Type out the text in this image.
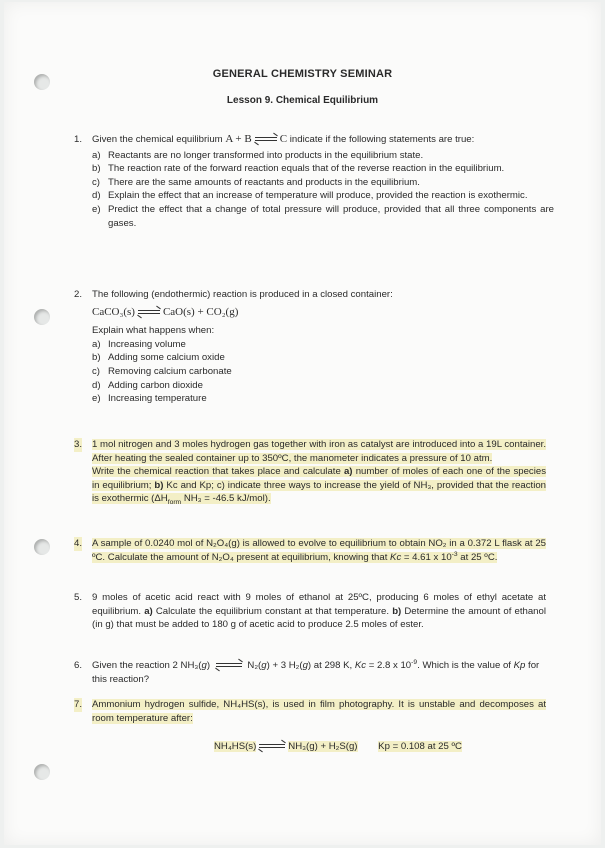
GENERAL CHEMISTRY SEMINAR
Lesson 9. Chemical Equilibrium
1. Given the chemical equilibrium A + B	C indicate if the following statements are true:
a) Reactants are no longer transformed into products in the equilibrium state.
b) The reaction rate of the forward reaction equals that of the reverse reaction in the equilibrium.
c) There are the same amounts of reactants and products in the equilibrium.
d) Explain the effect that an increase of temperature will produce, provided the reaction is exothermic.
e) Predict the effect that a change of total pressure will produce, provided that all three components are gases.
2. The following (endothermic) reaction is produced in a closed container:
CaCO₃(s)	CaO(s) + CO₂(g)
Explain what happens when:
a) Increasing volume
b) Adding some calcium oxide
c) Removing calcium carbonate
d) Adding carbon dioxide
e) Increasing temperature
3. 1 mol nitrogen and 3 moles hydrogen gas together with iron as catalyst are introduced into a 19L container. After heating the sealed container up to 350ºC, the manometer indicates a pressure of 10 atm.
Write the chemical reaction that takes place and calculate a) number of moles of each one of the species in equilibrium; b) Kc and Kp; c) indicate three ways to increase the yield of NH₃, provided that the reaction is exothermic ($\Delta H_{form}$ NH₃ = -46.5 kJ/mol).
4. A sample of 0.0240 mol of N₂O₄(g) is allowed to evolve to equilibrium to obtain NO₂ in a 0.372 L flask at 25 ºC. Calculate the amount of N₂O₄ present at equilibrium, knowing that Kc = 4.61 x $10^{-3}$ at 25 ºC.
5. 9 moles of acetic acid react with 9 moles of ethanol at 25ºC, producing 6 moles of ethyl acetate at equilibrium. a) Calculate the equilibrium constant at that temperature. b) Determine the amount of ethanol (in g) that must be added to 180 g of acetic acid to produce 2.5 moles of ester.
6. Given the reaction 2 NH₃(g)	N₂(g) + 3 H₂(g) at 298 K, Kc = 2.8 x $10^{-9}$. Which is the value of Kp for this reaction?
7. Ammonium hydrogen sulfide, NH₄HS(s), is used in film photography. It is unstable and decomposes at room temperature after:
NH₄HS(s)	NH₃(g) + H₂S(g) Kp = 0.108 at 25 ºC
